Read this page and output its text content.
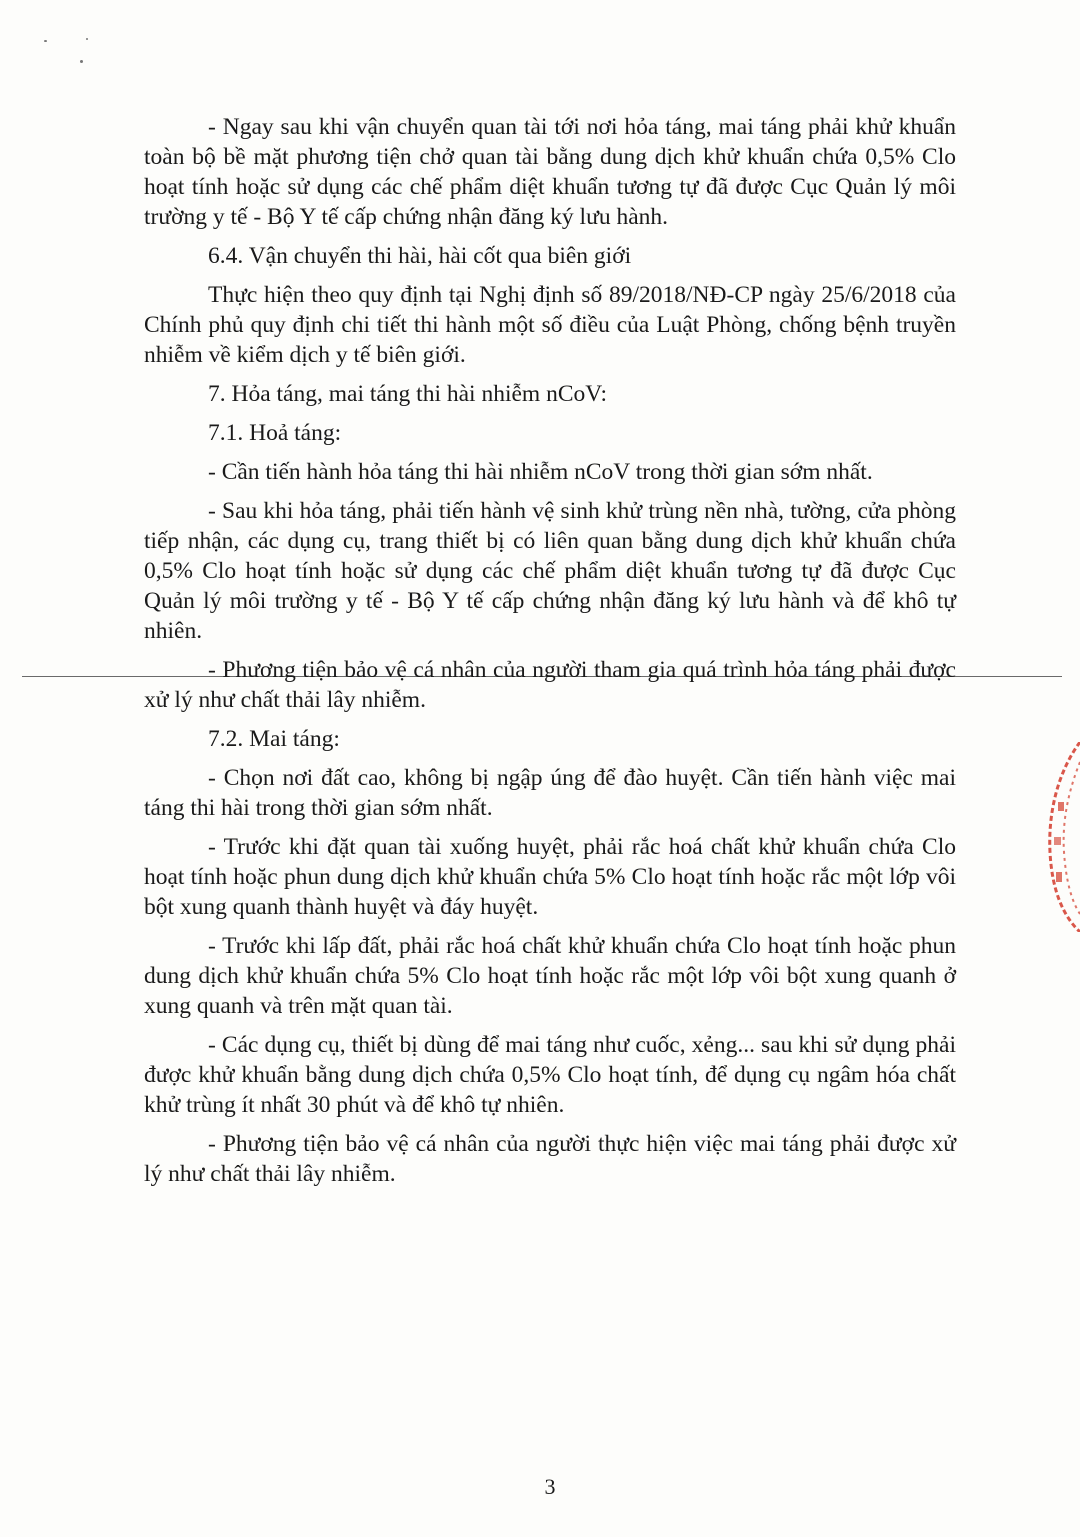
- Ngay sau khi vận chuyển quan tài tới nơi hỏa táng, mai táng phải khử khuẩn toàn bộ bề mặt phương tiện chở quan tài bằng dung dịch khử khuẩn chứa 0,5% Clo hoạt tính hoặc sử dụng các chế phẩm diệt khuẩn tương tự đã được Cục Quản lý môi trường y tế - Bộ Y tế cấp chứng nhận đăng ký lưu hành.

6.4. Vận chuyển thi hài, hài cốt qua biên giới

Thực hiện theo quy định tại Nghị định số 89/2018/NĐ-CP ngày 25/6/2018 của Chính phủ quy định chi tiết thi hành một số điều của Luật Phòng, chống bệnh truyền nhiễm về kiểm dịch y tế biên giới.

7. Hỏa táng, mai táng thi hài nhiễm nCoV:

7.1. Hoả táng:

- Cần tiến hành hỏa táng thi hài nhiễm nCoV trong thời gian sớm nhất.

- Sau khi hỏa táng, phải tiến hành vệ sinh khử trùng nền nhà, tường, cửa phòng tiếp nhận, các dụng cụ, trang thiết bị có liên quan bằng dung dịch khử khuẩn chứa 0,5% Clo hoạt tính hoặc sử dụng các chế phẩm diệt khuẩn tương tự đã được Cục Quản lý môi trường y tế - Bộ Y tế cấp chứng nhận đăng ký lưu hành và để khô tự nhiên.

- Phương tiện bảo vệ cá nhân của người tham gia quá trình hỏa táng phải được xử lý như chất thải lây nhiễm.

7.2. Mai táng:

- Chọn nơi đất cao, không bị ngập úng để đào huyệt. Cần tiến hành việc mai táng thi hài trong thời gian sớm nhất.

- Trước khi đặt quan tài xuống huyệt, phải rắc hoá chất khử khuẩn chứa Clo hoạt tính hoặc phun dung dịch khử khuẩn chứa 5% Clo hoạt tính hoặc rắc một lớp vôi bột xung quanh thành huyệt và đáy huyệt.

- Trước khi lấp đất, phải rắc hoá chất khử khuẩn chứa Clo hoạt tính hoặc phun dung dịch khử khuẩn chứa 5% Clo hoạt tính hoặc rắc một lớp vôi bột xung quanh ở xung quanh và trên mặt quan tài.

- Các dụng cụ, thiết bị dùng để mai táng như cuốc, xẻng... sau khi sử dụng phải được khử khuẩn bằng dung dịch chứa 0,5% Clo hoạt tính, để dụng cụ ngâm hóa chất khử trùng ít nhất 30 phút và để khô tự nhiên.

- Phương tiện bảo vệ cá nhân của người thực hiện việc mai táng phải được xử lý như chất thải lây nhiễm.

3
